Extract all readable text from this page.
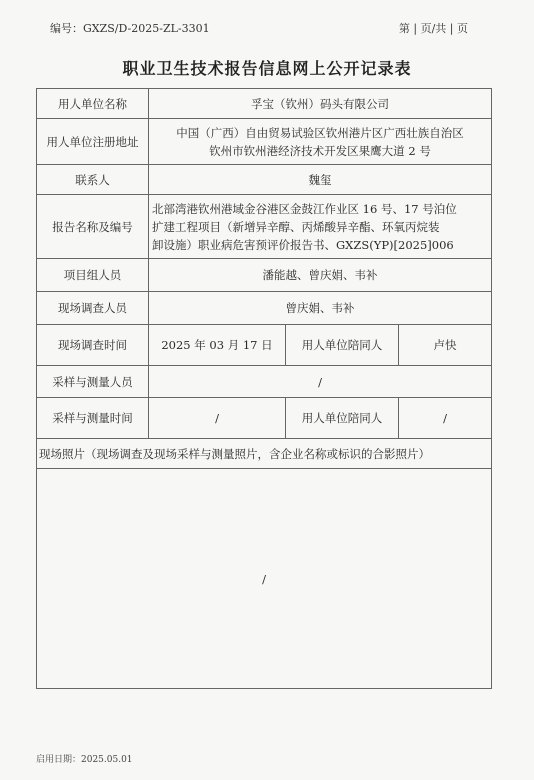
编号：GXZS/D-2025-ZL-3301	第 | 页/共 | 页
职业卫生技术报告信息网上公开记录表
用人单位名称	孚宝（钦州）码头有限公司		
用人单位注册地址	中国（广西）自由贸易试验区钦州港片区广西壮族自治区
钦州市钦州港经济技术开发区果鹰大道 2 号		

联系人	魏玺		
报告名称及编号	北部湾港钦州港域金谷港区金鼓江作业区 16 号、17 号泊位
扩建工程项目（新增异辛醇、丙烯酸异辛酯、环氧丙烷装
卸设施）职业病危害预评价报告书、GXZS(YP)[2025]006		

项目组人员	潘能越、曾庆娟、韦补		
现场调查人员	曾庆娟、韦补		
现场调查时间	2025 年 03 月 17 日	用人单位陪同人	卢快
采样与测量人员	/		
采样与测量时间	/	用人单位陪同人	/
现场照片（现场调查及现场采样与测量照片，含企业名称或标识的合影照片）			

/			
启用日期：2025.05.01
